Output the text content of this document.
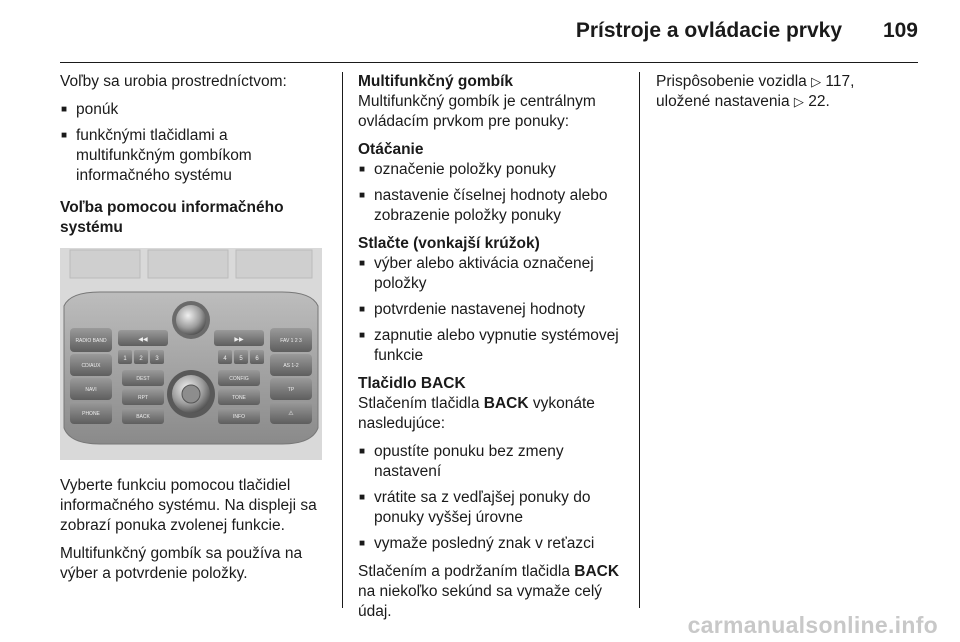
Prístroje a ovládacie prvky 109

Voľby sa urobia prostredníctvom:

■ ponúk
■ funkčnými tlačidlami a multifunkčným gombíkom informačného systému

Voľba pomocou informačného systému

RADIO BAND
CD/AUX
NAVI
PHONE
FAV 1 2 3
AS 1-2
TP
⚠
◀◀	▶▶
1 2 3	4 5 6
DEST	CONFIG
RPT	TONE
BACK	INFO

Vyberte funkciu pomocou tlačidiel informačného systému. Na displeji sa zobrazí ponuka zvolenej funkcie.

Multifunkčný gombík sa používa na výber a potvrdenie položky.

Multifunkčný gombík

Multifunkčný gombík je centrálnym ovládacím prvkom pre ponuky:

Otáčanie

■ označenie položky ponuky
■ nastavenie číselnej hodnoty alebo zobrazenie položky ponuky

Stlačte (vonkajší krúžok)

■ výber alebo aktivácia označenej položky
■ potvrdenie nastavenej hodnoty
■ zapnutie alebo vypnutie systémovej funkcie

Tlačidlo BACK

Stlačením tlačidla BACK vykonáte nasledujúce:

■ opustíte ponuku bez zmeny nastavení
■ vrátite sa z vedľajšej ponuky do ponuky vyššej úrovne
■ vymaže posledný znak v reťazci

Stlačením a podržaním tlačidla BACK na niekoľko sekúnd sa vymaže celý údaj.

Prispôsobenie vozidla ▷ 117,

uložené nastavenia ▷ 22.

carmanualsonline.info
